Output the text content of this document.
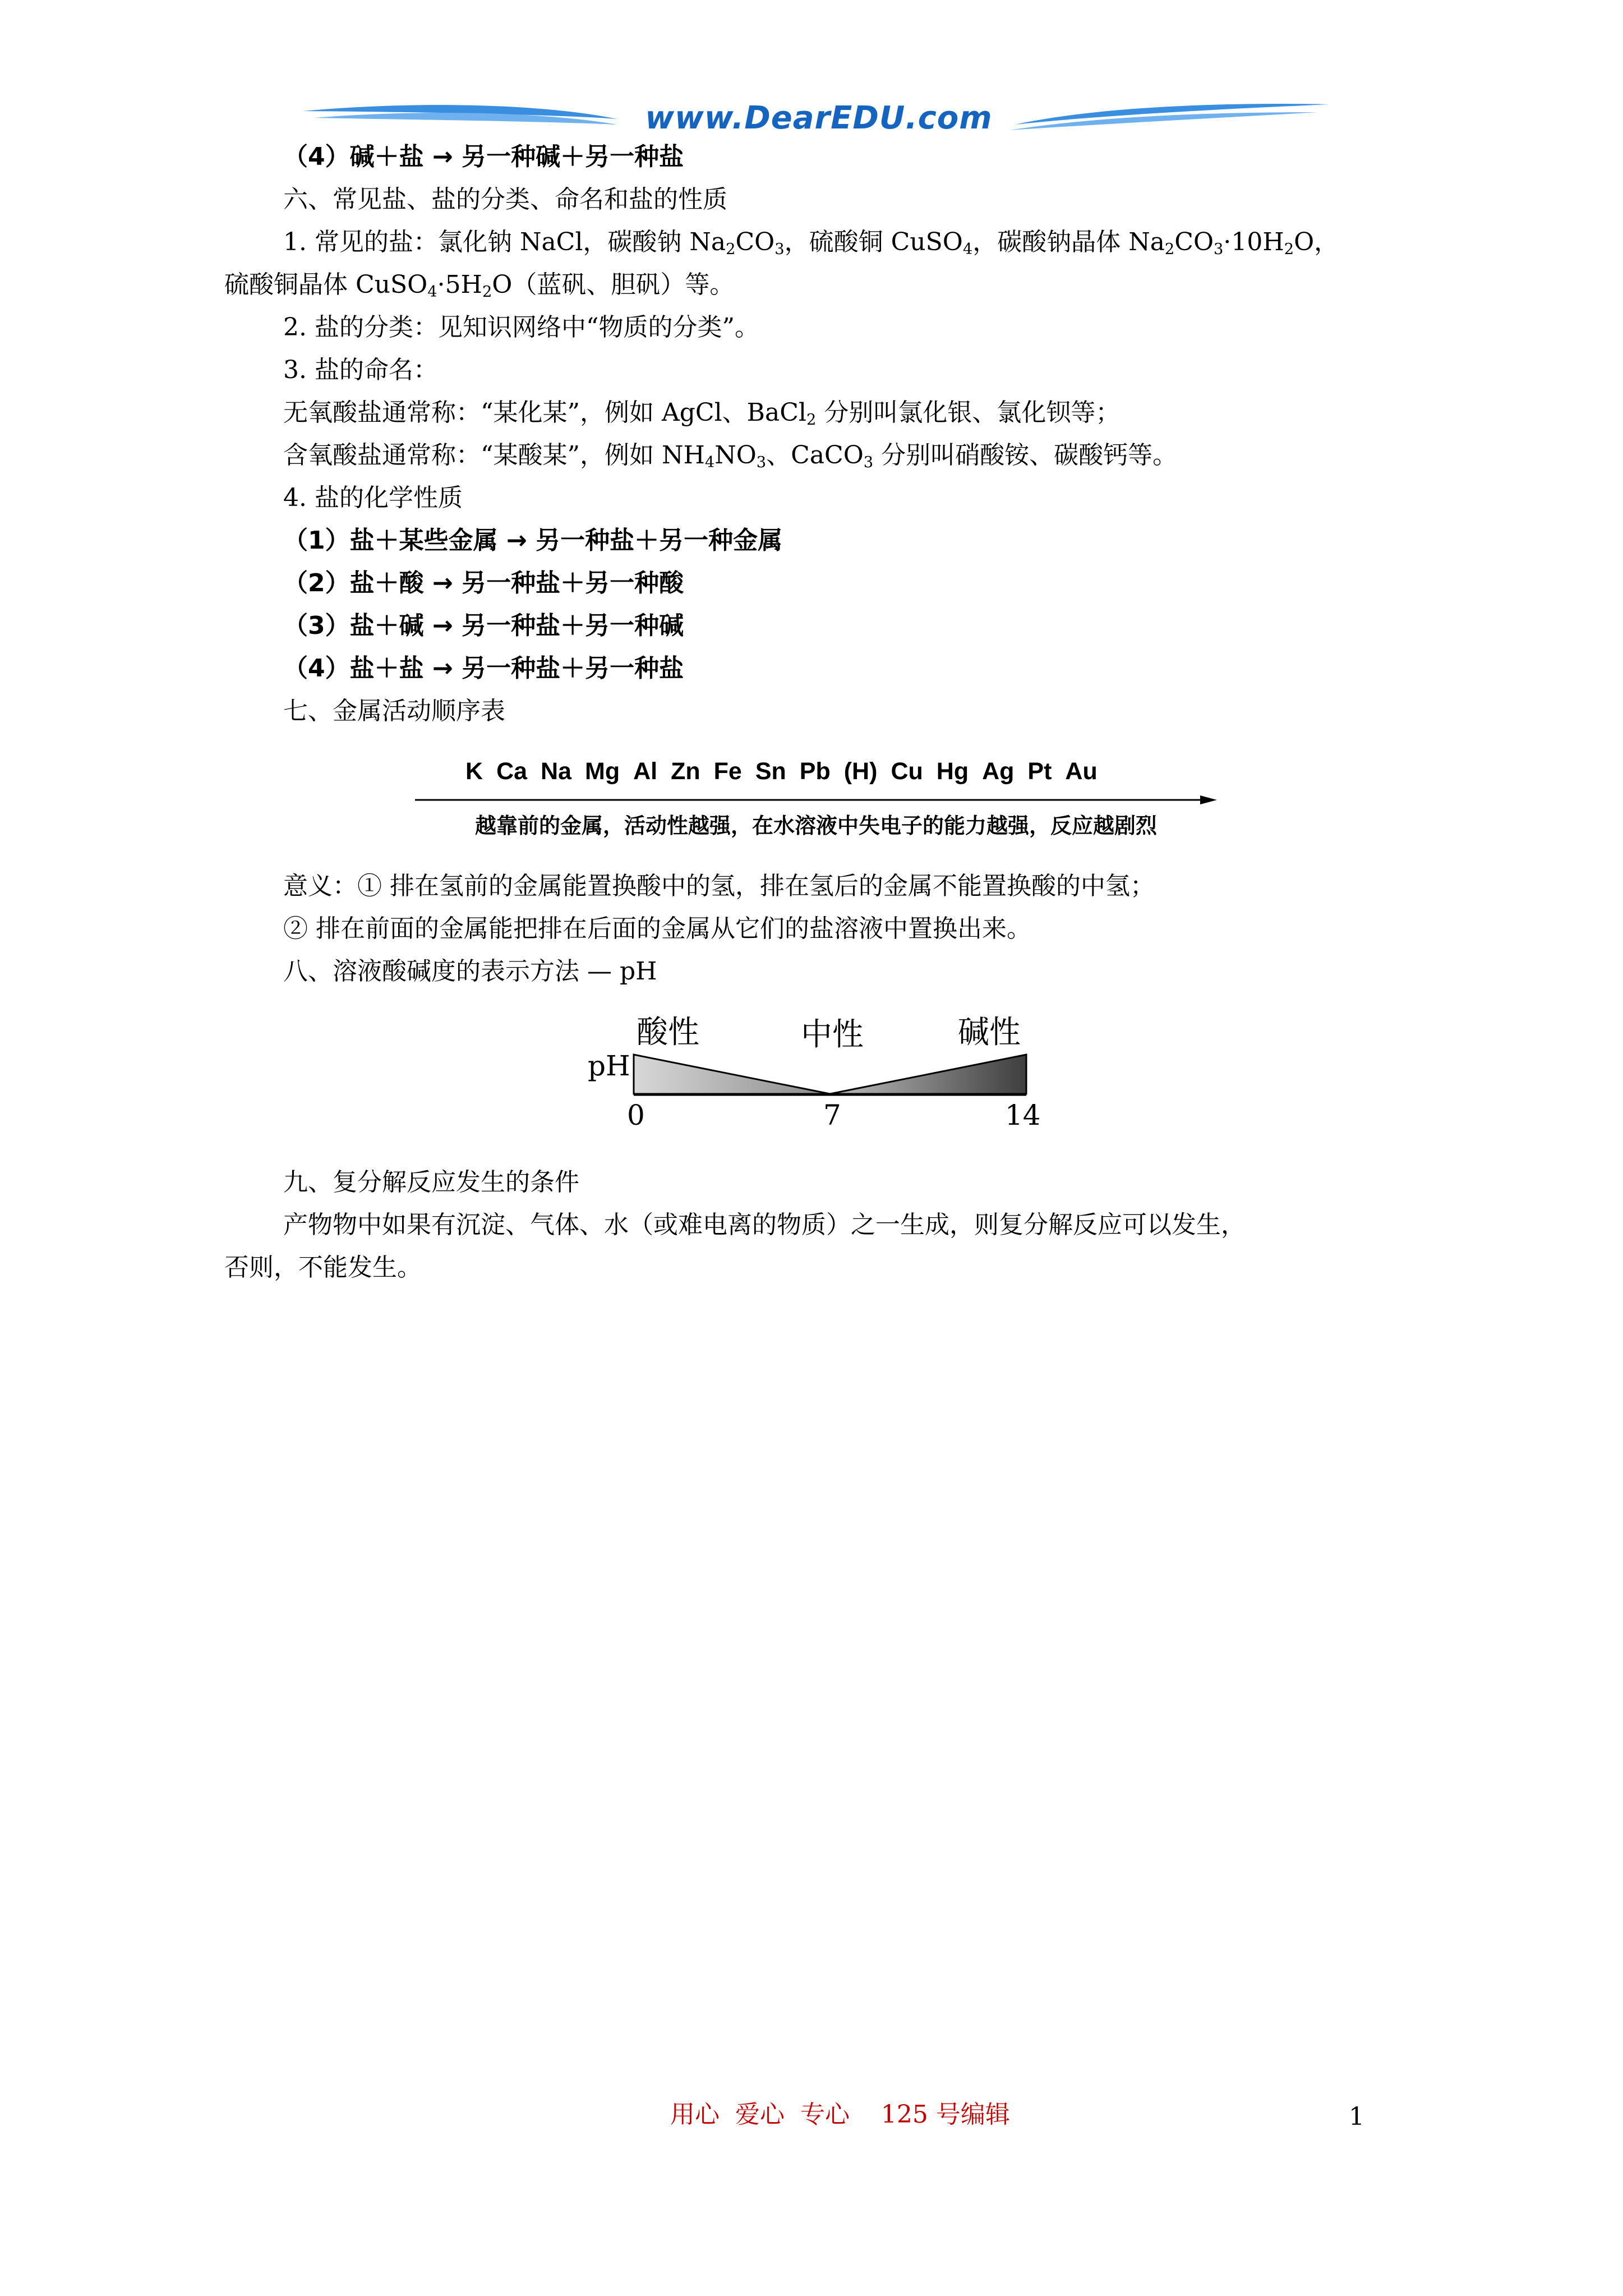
www.DearEDU.com
（4）碱＋盐 → 另一种碱＋另一种盐
六、常见盐、盐的分类、命名和盐的性质
1. 常见的盐：氯化钠 NaCl，碳酸钠 $Na_2CO_3$，硫酸铜 CuSO$_4$，碳酸钠晶体 $Na_2CO_3\cdot 10H_2O$，
硫酸铜晶体 $CuSO_4\cdot 5H_2O$（蓝矾、胆矾）等。
2. 盐的分类：见知识网络中“物质的分类”。
3. 盐的命名：
无氧酸盐通常称：“某化某”，例如 AgCl、BaCl$_2$ 分别叫氯化银、氯化钡等；
含氧酸盐通常称：“某酸某”，例如 $NH_4NO_3$、CaCO$_3$ 分别叫硝酸铵、碳酸钙等。
4. 盐的化学性质
（1）盐＋某些金属 → 另一种盐＋另一种金属
（2）盐＋酸 → 另一种盐＋另一种酸
（3）盐＋碱 → 另一种盐＋另一种碱
（4）盐＋盐 → 另一种盐＋另一种盐
七、金属活动顺序表
K Ca Na Mg Al Zn Fe Sn Pb (H) Cu Hg Ag Pt Au
越靠前的金属，活动性越强，在水溶液中失电子的能力越强，反应越剧烈
意义：① 排在氢前的金属能置换酸中的氢，排在氢后的金属不能置换酸的中氢；
② 排在前面的金属能把排在后面的金属从它们的盐溶液中置换出来。
八、溶液酸碱度的表示方法 — pH
pH
酸性	中性	碱性
0	7	14
九、复分解反应发生的条件
产物物中如果有沉淀、气体、水（或难电离的物质）之一生成，则复分解反应可以发生，
否则，不能发生。
用心  爱心  专心    125 号编辑	1
